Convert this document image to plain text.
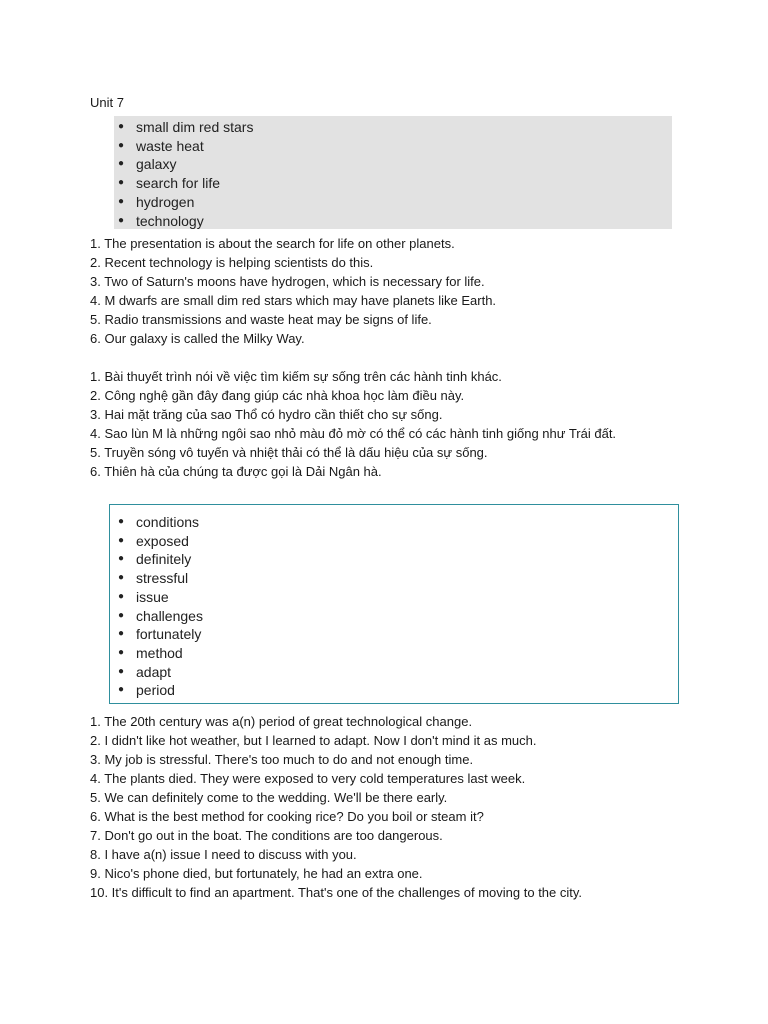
Unit 7
● small dim red stars
● waste heat
● galaxy
● search for life
● hydrogen
● technology
1. The presentation is about the search for life on other planets.
2. Recent technology is helping scientists do this.
3. Two of Saturn's moons have hydrogen, which is necessary for life.
4. M dwarfs are small dim red stars which may have planets like Earth.
5. Radio transmissions and waste heat may be signs of life.
6. Our galaxy is called the Milky Way.
1. Bài thuyết trình nói về việc tìm kiếm sự sống trên các hành tinh khác.
2. Công nghệ gần đây đang giúp các nhà khoa học làm điều này.
3. Hai mặt trăng của sao Thổ có hydro cần thiết cho sự sống.
4. Sao lùn M là những ngôi sao nhỏ màu đỏ mờ có thể có các hành tinh giống như Trái đất.
5. Truyền sóng vô tuyến và nhiệt thải có thể là dấu hiệu của sự sống.
6. Thiên hà của chúng ta được gọi là Dải Ngân hà.
● conditions
● exposed
● definitely
● stressful
● issue
● challenges
● fortunately
● method
● adapt
● period
1. The 20th century was a(n) period of great technological change.
2. I didn't like hot weather, but I learned to adapt. Now I don't mind it as much.
3. My job is stressful. There's too much to do and not enough time.
4. The plants died. They were exposed to very cold temperatures last week.
5. We can definitely come to the wedding. We'll be there early.
6. What is the best method for cooking rice? Do you boil or steam it?
7. Don't go out in the boat. The conditions are too dangerous.
8. I have a(n) issue I need to discuss with you.
9. Nico's phone died, but fortunately, he had an extra one.
10. It's difficult to find an apartment. That's one of the challenges of moving to the city.
